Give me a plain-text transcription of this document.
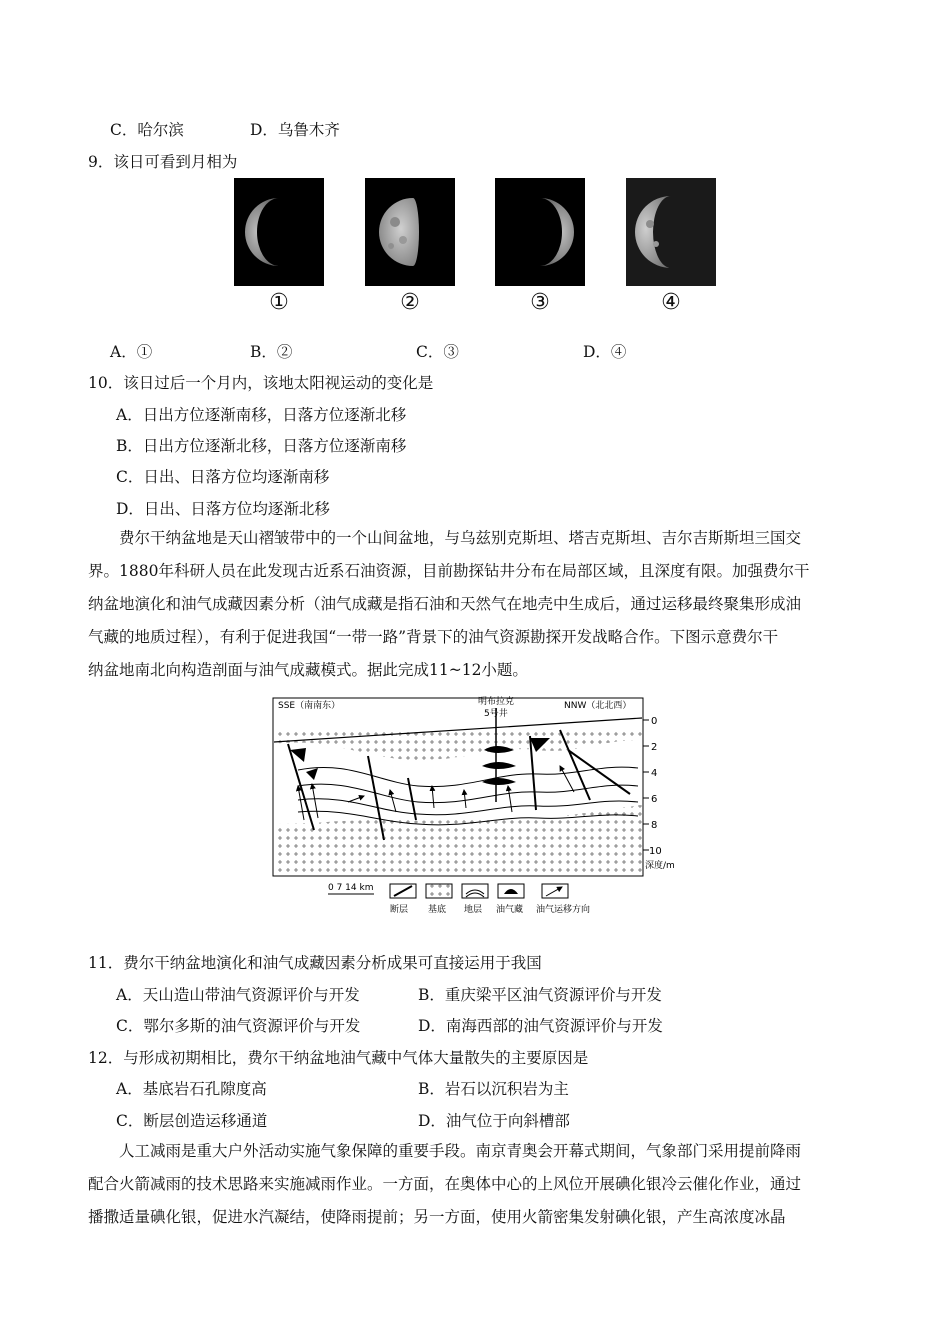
C．哈尔滨	D．乌鲁木齐
9．该日可看到月相为
①	②	③	④
A．①	B．②	C．③	D．④
10．该日过后一个月内，该地太阳视运动的变化是
A．日出方位逐渐南移，日落方位逐渐北移
B．日出方位逐渐北移，日落方位逐渐南移
C．日出、日落方位均逐渐南移
D．日出、日落方位均逐渐北移

费尔干纳盆地是天山褶皱带中的一个山间盆地，与乌兹别克斯坦、塔吉克斯坦、吉尔吉斯斯坦三国交

界。1880年科研人员在此发现古近系石油资源，目前勘探钻井分布在局部区域，且深度有限。加强费尔干

纳盆地演化和油气成藏因素分析（油气成藏是指石油和天然气在地壳中生成后，通过运移最终聚集形成油

气藏的地质过程），有利于促进我国“一带一路”背景下的油气资源勘探开发战略合作。下图示意费尔干

纳盆地南北向构造剖面与油气成藏模式。据此完成11~12小题。

0
2
4
6
8
10
深度/m
SSE（南南东）	NNW（北北西）
明布拉克
5号井
0 7 14 km
断层 基底 地层 油气藏 油气运移方向
11．费尔干纳盆地演化和油气成藏因素分析成果可直接运用于我国
A．天山造山带油气资源评价与开发	B．重庆梁平区油气资源评价与开发
C．鄂尔多斯的油气资源评价与开发	D．南海西部的油气资源评价与开发
12．与形成初期相比，费尔干纳盆地油气藏中气体大量散失的主要原因是
A．基底岩石孔隙度高	B．岩石以沉积岩为主
C．断层创造运移通道	D．油气位于向斜槽部

人工减雨是重大户外活动实施气象保障的重要手段。南京青奥会开幕式期间，气象部门采用提前降雨

配合火箭减雨的技术思路来实施减雨作业。一方面，在奥体中心的上风位开展碘化银冷云催化作业，通过

播撒适量碘化银，促进水汽凝结，使降雨提前；另一方面，使用火箭密集发射碘化银，产生高浓度冰晶
